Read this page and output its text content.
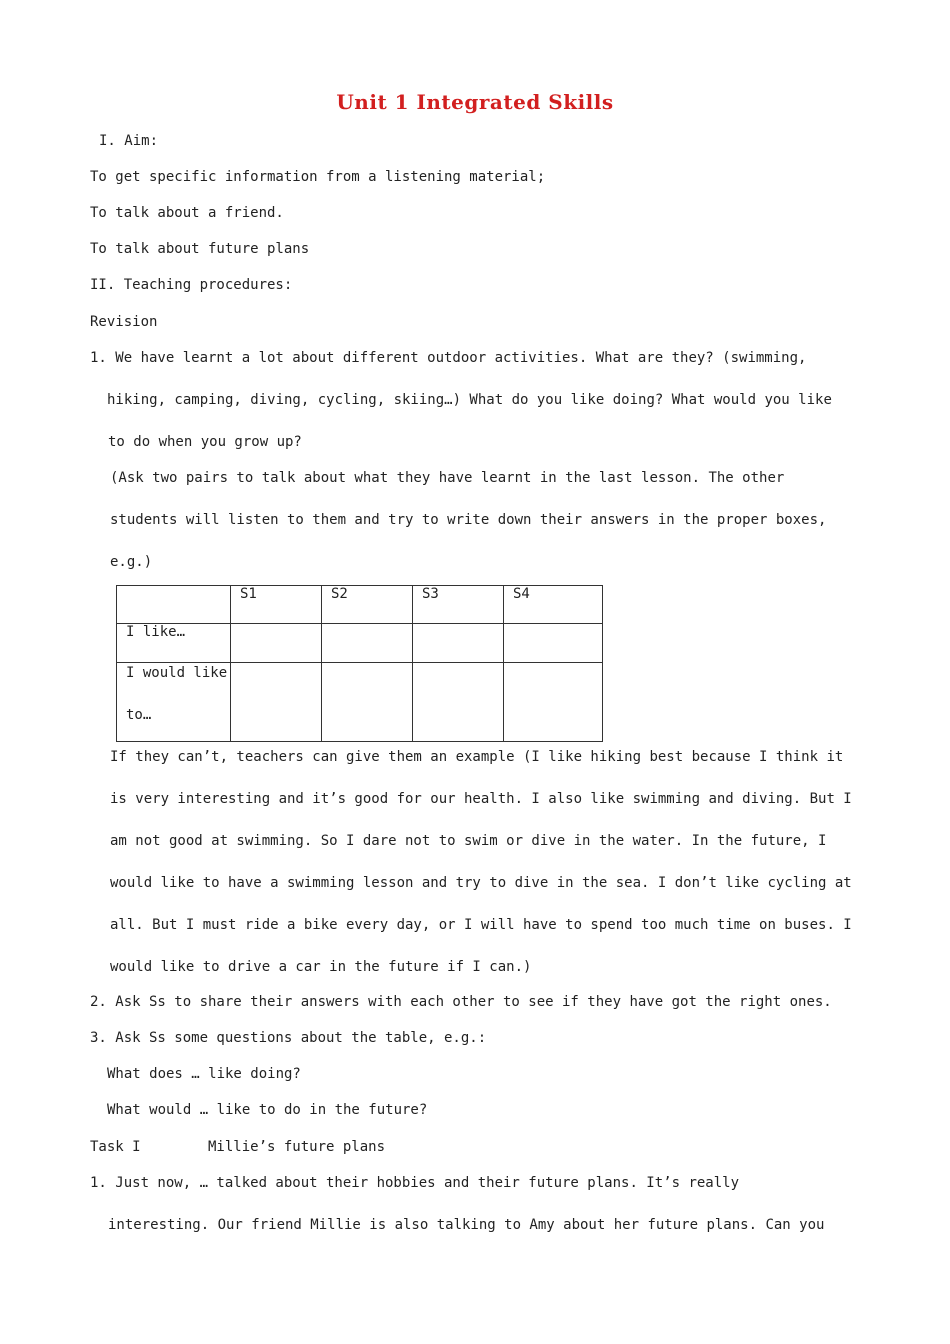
Unit 1 Integrated Skills
I. Aim:
To get specific information from a listening material;
To talk about a friend.
To talk about future plans
II. Teaching procedures:
Revision
1. We have learnt a lot about different outdoor activities. What are they? (swimming,
hiking, camping, diving, cycling, skiing…) What do you like doing? What would you like
to do when you grow up?
(Ask two pairs to talk about what they have learnt in the last lesson. The other
students will listen to them and try to write down their answers in the proper boxes,
e.g.)
	S1	S2	S3	S4
I like…				

I would like
to…				

If they can’t, teachers can give them an example (I like hiking best because I think it
is very interesting and it’s good for our health. I also like swimming and diving. But I
am not good at swimming. So I dare not to swim or dive in the water. In the future, I
would like to have a swimming lesson and try to dive in the sea. I don’t like cycling at
all. But I must ride a bike every day, or I will have to spend too much time on buses. I
would like to drive a car in the future if I can.)
2. Ask Ss to share their answers with each other to see if they have got the right ones.
3. Ask Ss some questions about the table, e.g.:
What does … like doing?
What would … like to do in the future?
Task I	Millie’s future plans
1. Just now, … talked about their hobbies and their future plans. It’s really
interesting. Our friend Millie is also talking to Amy about her future plans. Can you
